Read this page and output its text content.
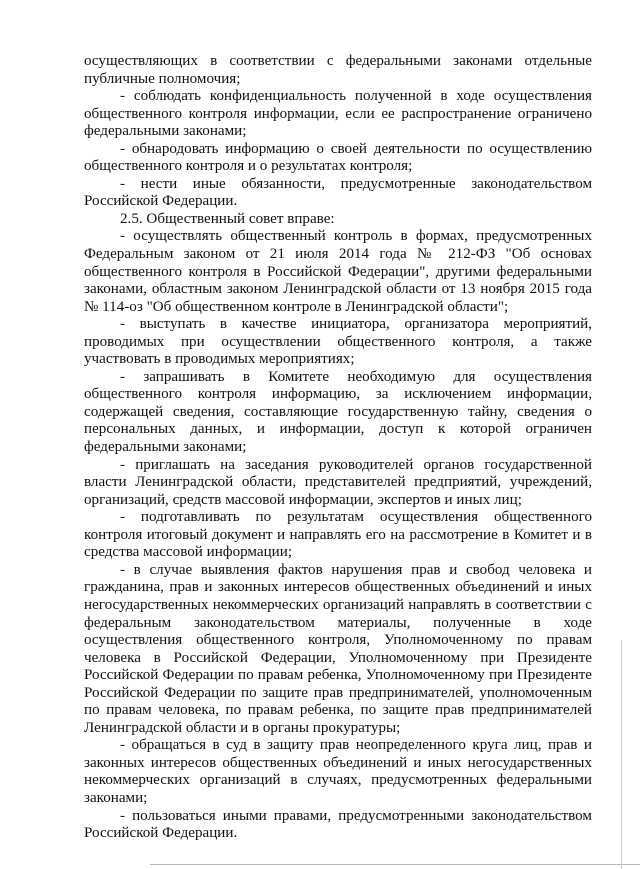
осуществляющих в соответствии с федеральными законами отдельные публичные полномочия;

- соблюдать конфиденциальность полученной в ходе осуществления общественного контроля информации, если ее распространение ограничено федеральными законами;

- обнародовать информацию о своей деятельности по осуществлению общественного контроля и о результатах контроля;

- нести иные обязанности, предусмотренные законодательством Российской Федерации.

2.5. Общественный совет вправе:

- осуществлять общественный контроль в формах, предусмотренных Федеральным законом от 21 июля 2014 года № 212-ФЗ "Об основах общественного контроля в Российской Федерации", другими федеральными законами, областным законом Ленинградской области от 13 ноября 2015 года № 114-оз "Об общественном контроле в Ленинградской области";

- выступать в качестве инициатора, организатора мероприятий, проводимых при осуществлении общественного контроля, а также участвовать в проводимых мероприятиях;

- запрашивать в Комитете необходимую для осуществления общественного контроля информацию, за исключением информации, содержащей сведения, составляющие государственную тайну, сведения о персональных данных, и информации, доступ к которой ограничен федеральными законами;

- приглашать на заседания руководителей органов государственной власти Ленинградской области, представителей предприятий, учреждений, организаций, средств массовой информации, экспертов и иных лиц;

- подготавливать по результатам осуществления общественного контроля итоговый документ и направлять его на рассмотрение в Комитет и в средства массовой информации;

- в случае выявления фактов нарушения прав и свобод человека и гражданина, прав и законных интересов общественных объединений и иных негосударственных некоммерческих организаций направлять в соответствии с федеральным законодательством материалы, полученные в ходе осуществления общественного контроля, Уполномоченному по правам человека в Российской Федерации, Уполномоченному при Президенте Российской Федерации по правам ребенка, Уполномоченному при Президенте Российской Федерации по защите прав предпринимателей, уполномоченным по правам человека, по правам ребенка, по защите прав предпринимателей Ленинградской области и в органы прокуратуры;

- обращаться в суд в защиту прав неопределенного круга лиц, прав и законных интересов общественных объединений и иных негосударственных некоммерческих организаций в случаях, предусмотренных федеральными законами;

- пользоваться иными правами, предусмотренными законодательством Российской Федерации.
